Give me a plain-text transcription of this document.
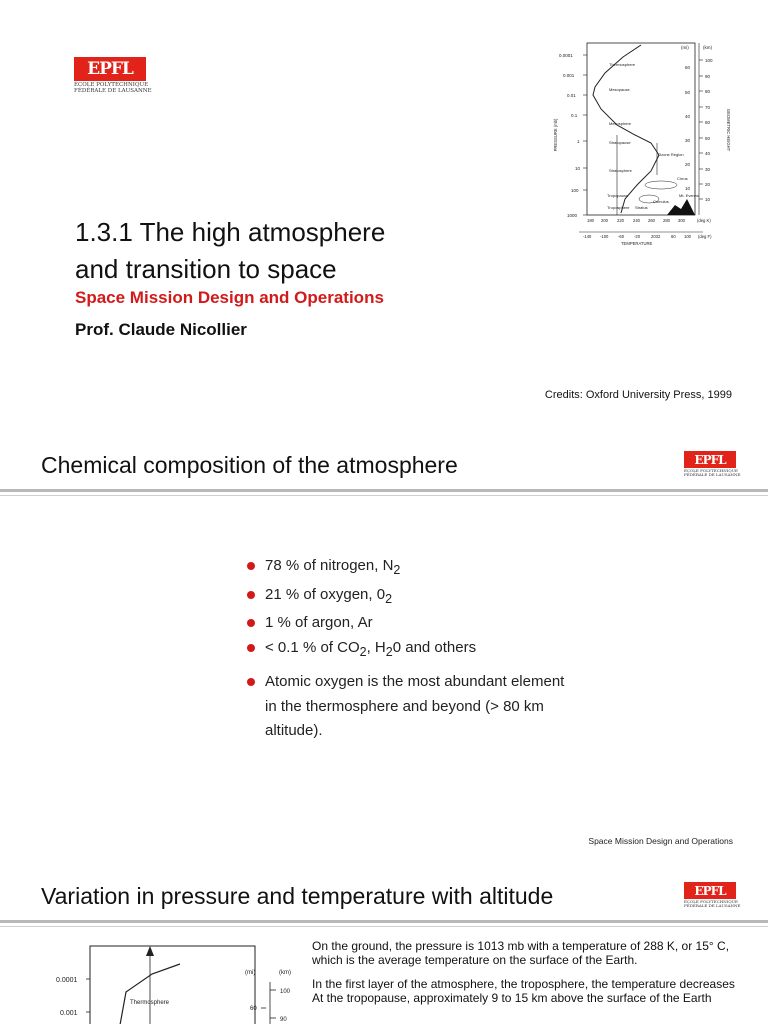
EPFL
ÉCOLE POLYTECHNIQUE
FÉDÉRALE DE LAUSANNE
1.3.1 The high atmosphere
and transition to space
Space Mission Design and Operations
Prof. Claude Nicollier
Credits: Oxford University Press, 1999
0.0001
0.001
0.01
0.1
1
10
100
1000
PRESSURE (mb)
(mi)	(km)
60
50
40
30
20
10
100
90
80
70
60
50
40
30
20
10
GEOMETRIC HEIGHT
Thermosphere
Mesopause
Mesosphere
Stratopause
Stratosphere
Tropopause
Troposphere
Ozone Region
Cirrus
Mt. Everest
Cumulus
Stratus
180 200 220 240 260 280 300	(deg K)
-140 -100 -60 -20	2032	60 100 (deg F)
TEMPERATURE
Chemical composition of the atmosphere	EPFL
ÉCOLE POLYTECHNIQUE
FÉDÉRALE DE LAUSANNE
78 % of nitrogen, $N_2$
21 % of oxygen, $0_2$
1 % of argon, Ar
< 0.1 % of $CO_2$, $H_20$ and others
Atomic oxygen is the most abundant element in the thermosphere and beyond (> 80 km altitude).
Space Mission Design and Operations
Variation in pressure and temperature with altitude	EPFL
ÉCOLE POLYTECHNIQUE
FÉDÉRALE DE LAUSANNE
0.0001
0.001
Thermosphere
(mi)	(km)
60
100
90

On the ground, the pressure is 1013 mb with a temperature of 288 K, or 15° C, which is the average temperature on the surface of the Earth.

In the first layer of the atmosphere, the troposphere, the temperature decreases

At the tropopause, approximately 9 to 15 km above the surface of the Earth
